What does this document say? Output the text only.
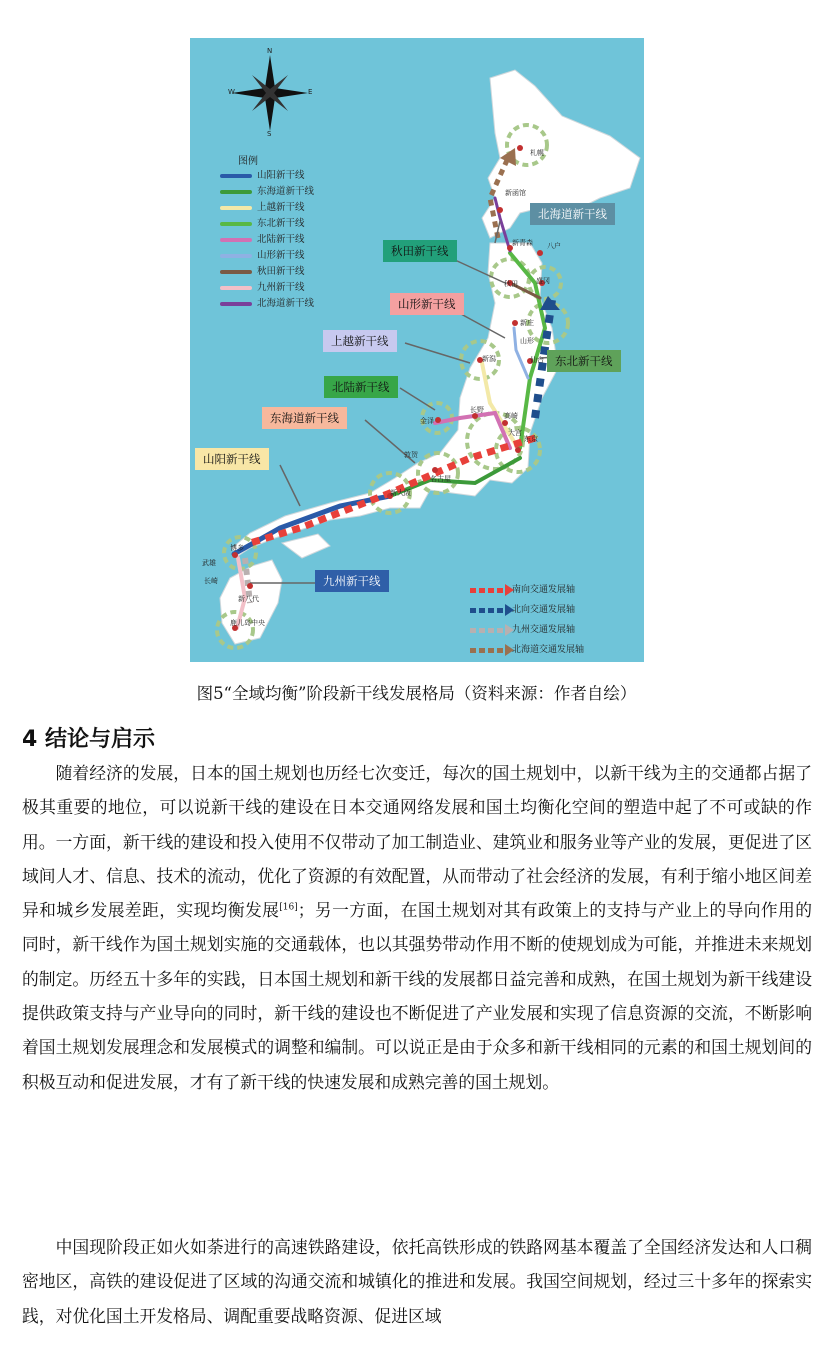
N
S
E
W
图例
山阳新干线
东海道新干线
上越新干线
东北新干线
北陆新干线
山形新干线
秋田新干线
九州新干线
北海道新干线
北海道新干线
秋田新干线
山形新干线
上越新干线
东北新干线
北陆新干线
东海道新干线
山阳新干线
九州新干线
札幌
新函馆
新青森 八户
秋田	盛冈
新庄
山形
仙台
新潟
金泽
长野
高崎
大宫
东京
敦贺
名古屋
新大阪
博多
武雄
长崎
新八代
鹿儿岛中央
南向交通发展轴
北向交通发展轴
九州交通发展轴
北海道交通发展轴
图5“全域均衡”阶段新干线发展格局（资料来源：作者自绘）
4 结论与启示

随着经济的发展，日本的国土规划也历经七次变迁，每次的国土规划中，以新干线为主的交通都占据了极其重要的地位，可以说新干线的建设在日本交通网络发展和国土均衡化空间的塑造中起了不可或缺的作用。一方面，新干线的建设和投入使用不仅带动了加工制造业、建筑业和服务业等产业的发展，更促进了区域间人才、信息、技术的流动，优化了资源的有效配置，从而带动了社会经济的发展，有利于缩小地区间差异和城乡发展差距，实现均衡发展[16]；另一方面，在国土规划对其有政策上的支持与产业上的导向作用的同时，新干线作为国土规划实施的交通载体，也以其强势带动作用不断的使规划成为可能，并推进未来规划的制定。历经五十多年的实践，日本国土规划和新干线的发展都日益完善和成熟，在国土规划为新干线建设提供政策支持与产业导向的同时，新干线的建设也不断促进了产业发展和实现了信息资源的交流，不断影响着国土规划发展理念和发展模式的调整和编制。可以说正是由于众多和新干线相同的元素的和国土规划间的积极互动和促进发展，才有了新干线的快速发展和成熟完善的国土规划。

中国现阶段正如火如荼进行的高速铁路建设，依托高铁形成的铁路网基本覆盖了全国经济发达和人口稠密地区，高铁的建设促进了区域的沟通交流和城镇化的推进和发展。我国空间规划，经过三十多年的探索实践，对优化国土开发格局、调配重要战略资源、促进区域
